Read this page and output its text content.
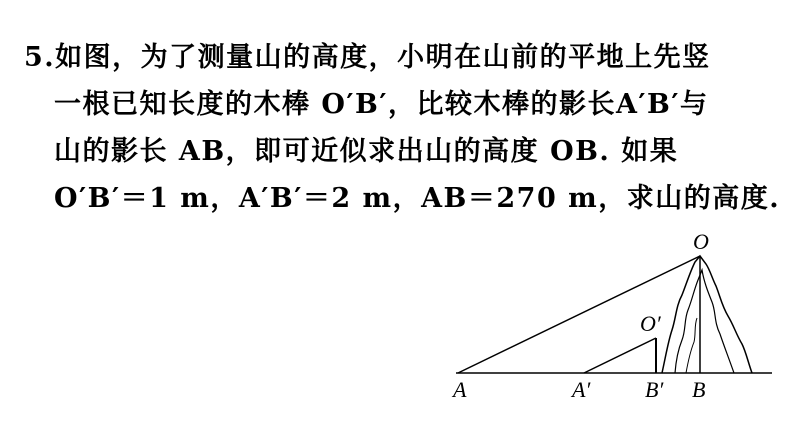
5.如图，为了测量山的高度，小明在山前的平地上先竖
一根已知长度的木棒 O′B′，比较木棒的影长A′B′与
山的影长 AB，即可近似求出山的高度 OB. 如果
O′B′＝1 m，A′B′＝2 m，AB＝270 m，求山的高度.
O
O′
A	A′ B′ B
